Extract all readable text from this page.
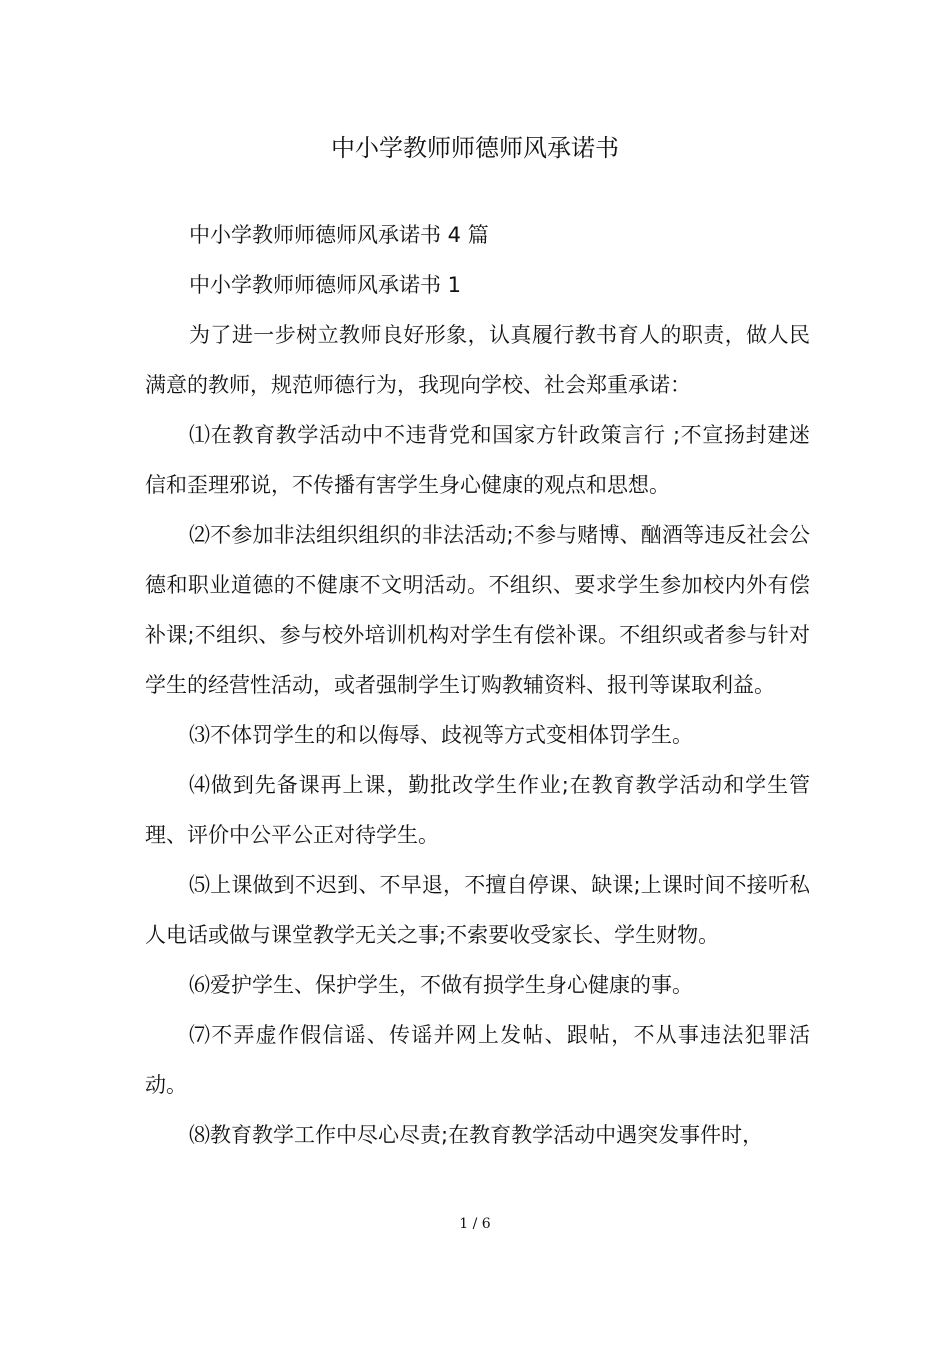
中小学教师师德师风承诺书

中小学教师师德师风承诺书 4 篇

中小学教师师德师风承诺书 1

为了进一步树立教师良好形象，认真履行教书育人的职责，做人民满意的教师，规范师德行为，我现向学校、社会郑重承诺：

⑴在教育教学活动中不违背党和国家方针政策言行 ;不宣扬封建迷信和歪理邪说，不传播有害学生身心健康的观点和思想。

⑵不参加非法组织组织的非法活动;不参与赌博、酗酒等违反社会公德和职业道德的不健康不文明活动。不组织、要求学生参加校内外有偿补课;不组织、参与校外培训机构对学生有偿补课。不组织或者参与针对学生的经营性活动，或者强制学生订购教辅资料、报刊等谋取利益。

⑶不体罚学生的和以侮辱、歧视等方式变相体罚学生。

⑷做到先备课再上课，勤批改学生作业;在教育教学活动和学生管理、评价中公平公正对待学生。

⑸上课做到不迟到、不早退，不擅自停课、缺课;上课时间不接听私人电话或做与课堂教学无关之事;不索要收受家长、学生财物。

⑹爱护学生、保护学生，不做有损学生身心健康的事。

⑺不弄虚作假信谣、传谣并网上发帖、跟帖，不从事违法犯罪活动。

⑻教育教学工作中尽心尽责;在教育教学活动中遇突发事件时，

1 / 6
